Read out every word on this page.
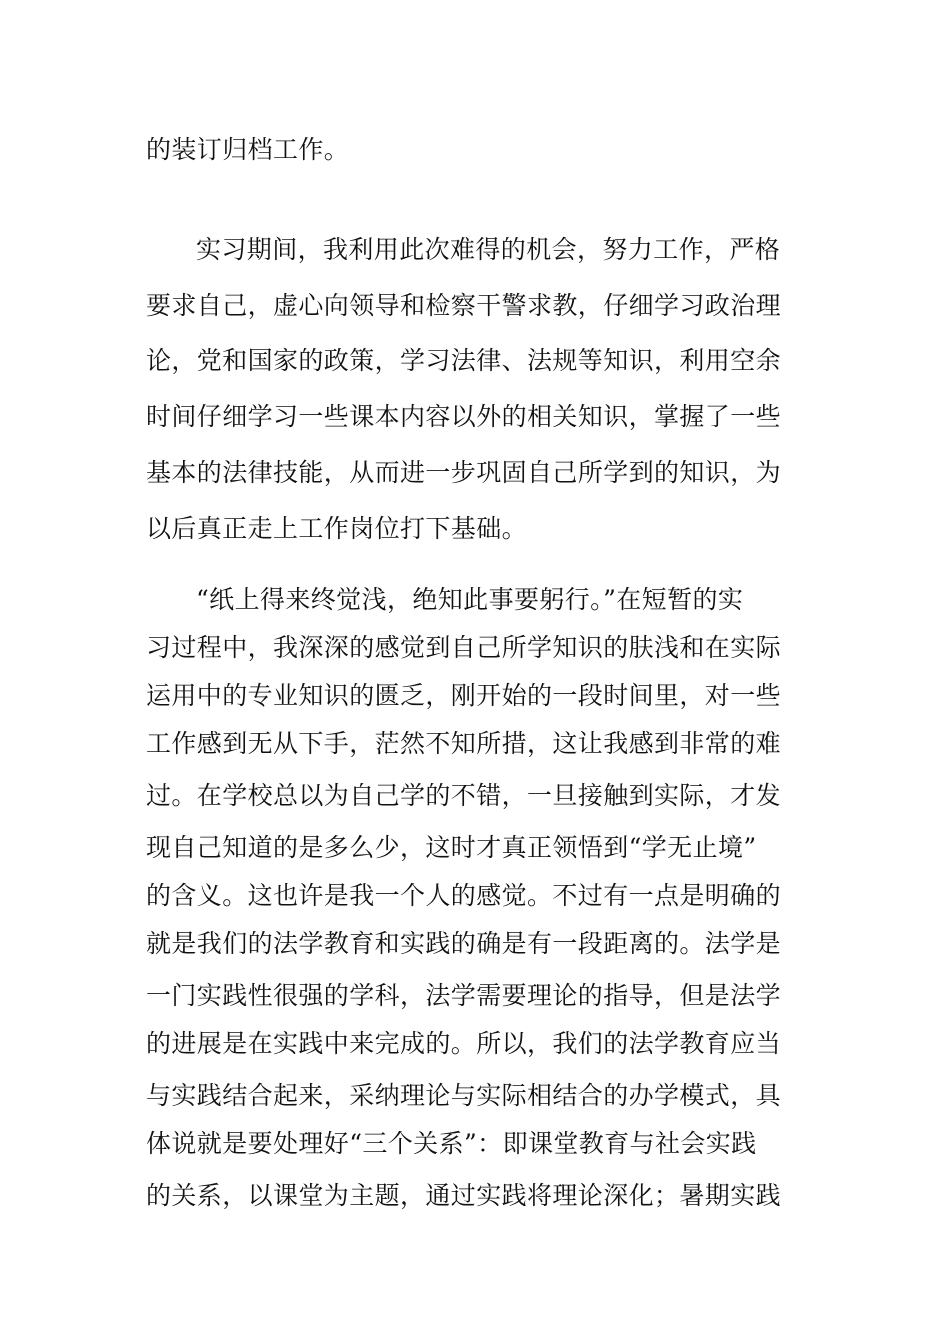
的装订归档工作。
实习期间，我利用此次难得的机会，努力工作，严格
要求自己，虚心向领导和检察干警求教，仔细学习政治理
论，党和国家的政策，学习法律、法规等知识，利用空余
时间仔细学习一些课本内容以外的相关知识，掌握了一些
基本的法律技能，从而进一步巩固自己所学到的知识，为
以后真正走上工作岗位打下基础。
“纸上得来终觉浅，绝知此事要躬行。”在短暂的实
习过程中，我深深的感觉到自己所学知识的肤浅和在实际
运用中的专业知识的匮乏，刚开始的一段时间里，对一些
工作感到无从下手，茫然不知所措，这让我感到非常的难
过。在学校总以为自己学的不错，一旦接触到实际，才发
现自己知道的是多么少，这时才真正领悟到“学无止境”
的含义。这也许是我一个人的感觉。不过有一点是明确的
就是我们的法学教育和实践的确是有一段距离的。法学是
一门实践性很强的学科，法学需要理论的指导，但是法学
的进展是在实践中来完成的。所以，我们的法学教育应当
与实践结合起来，采纳理论与实际相结合的办学模式，具
体说就是要处理好“三个关系”：即课堂教育与社会实践
的关系，以课堂为主题，通过实践将理论深化；暑期实践
